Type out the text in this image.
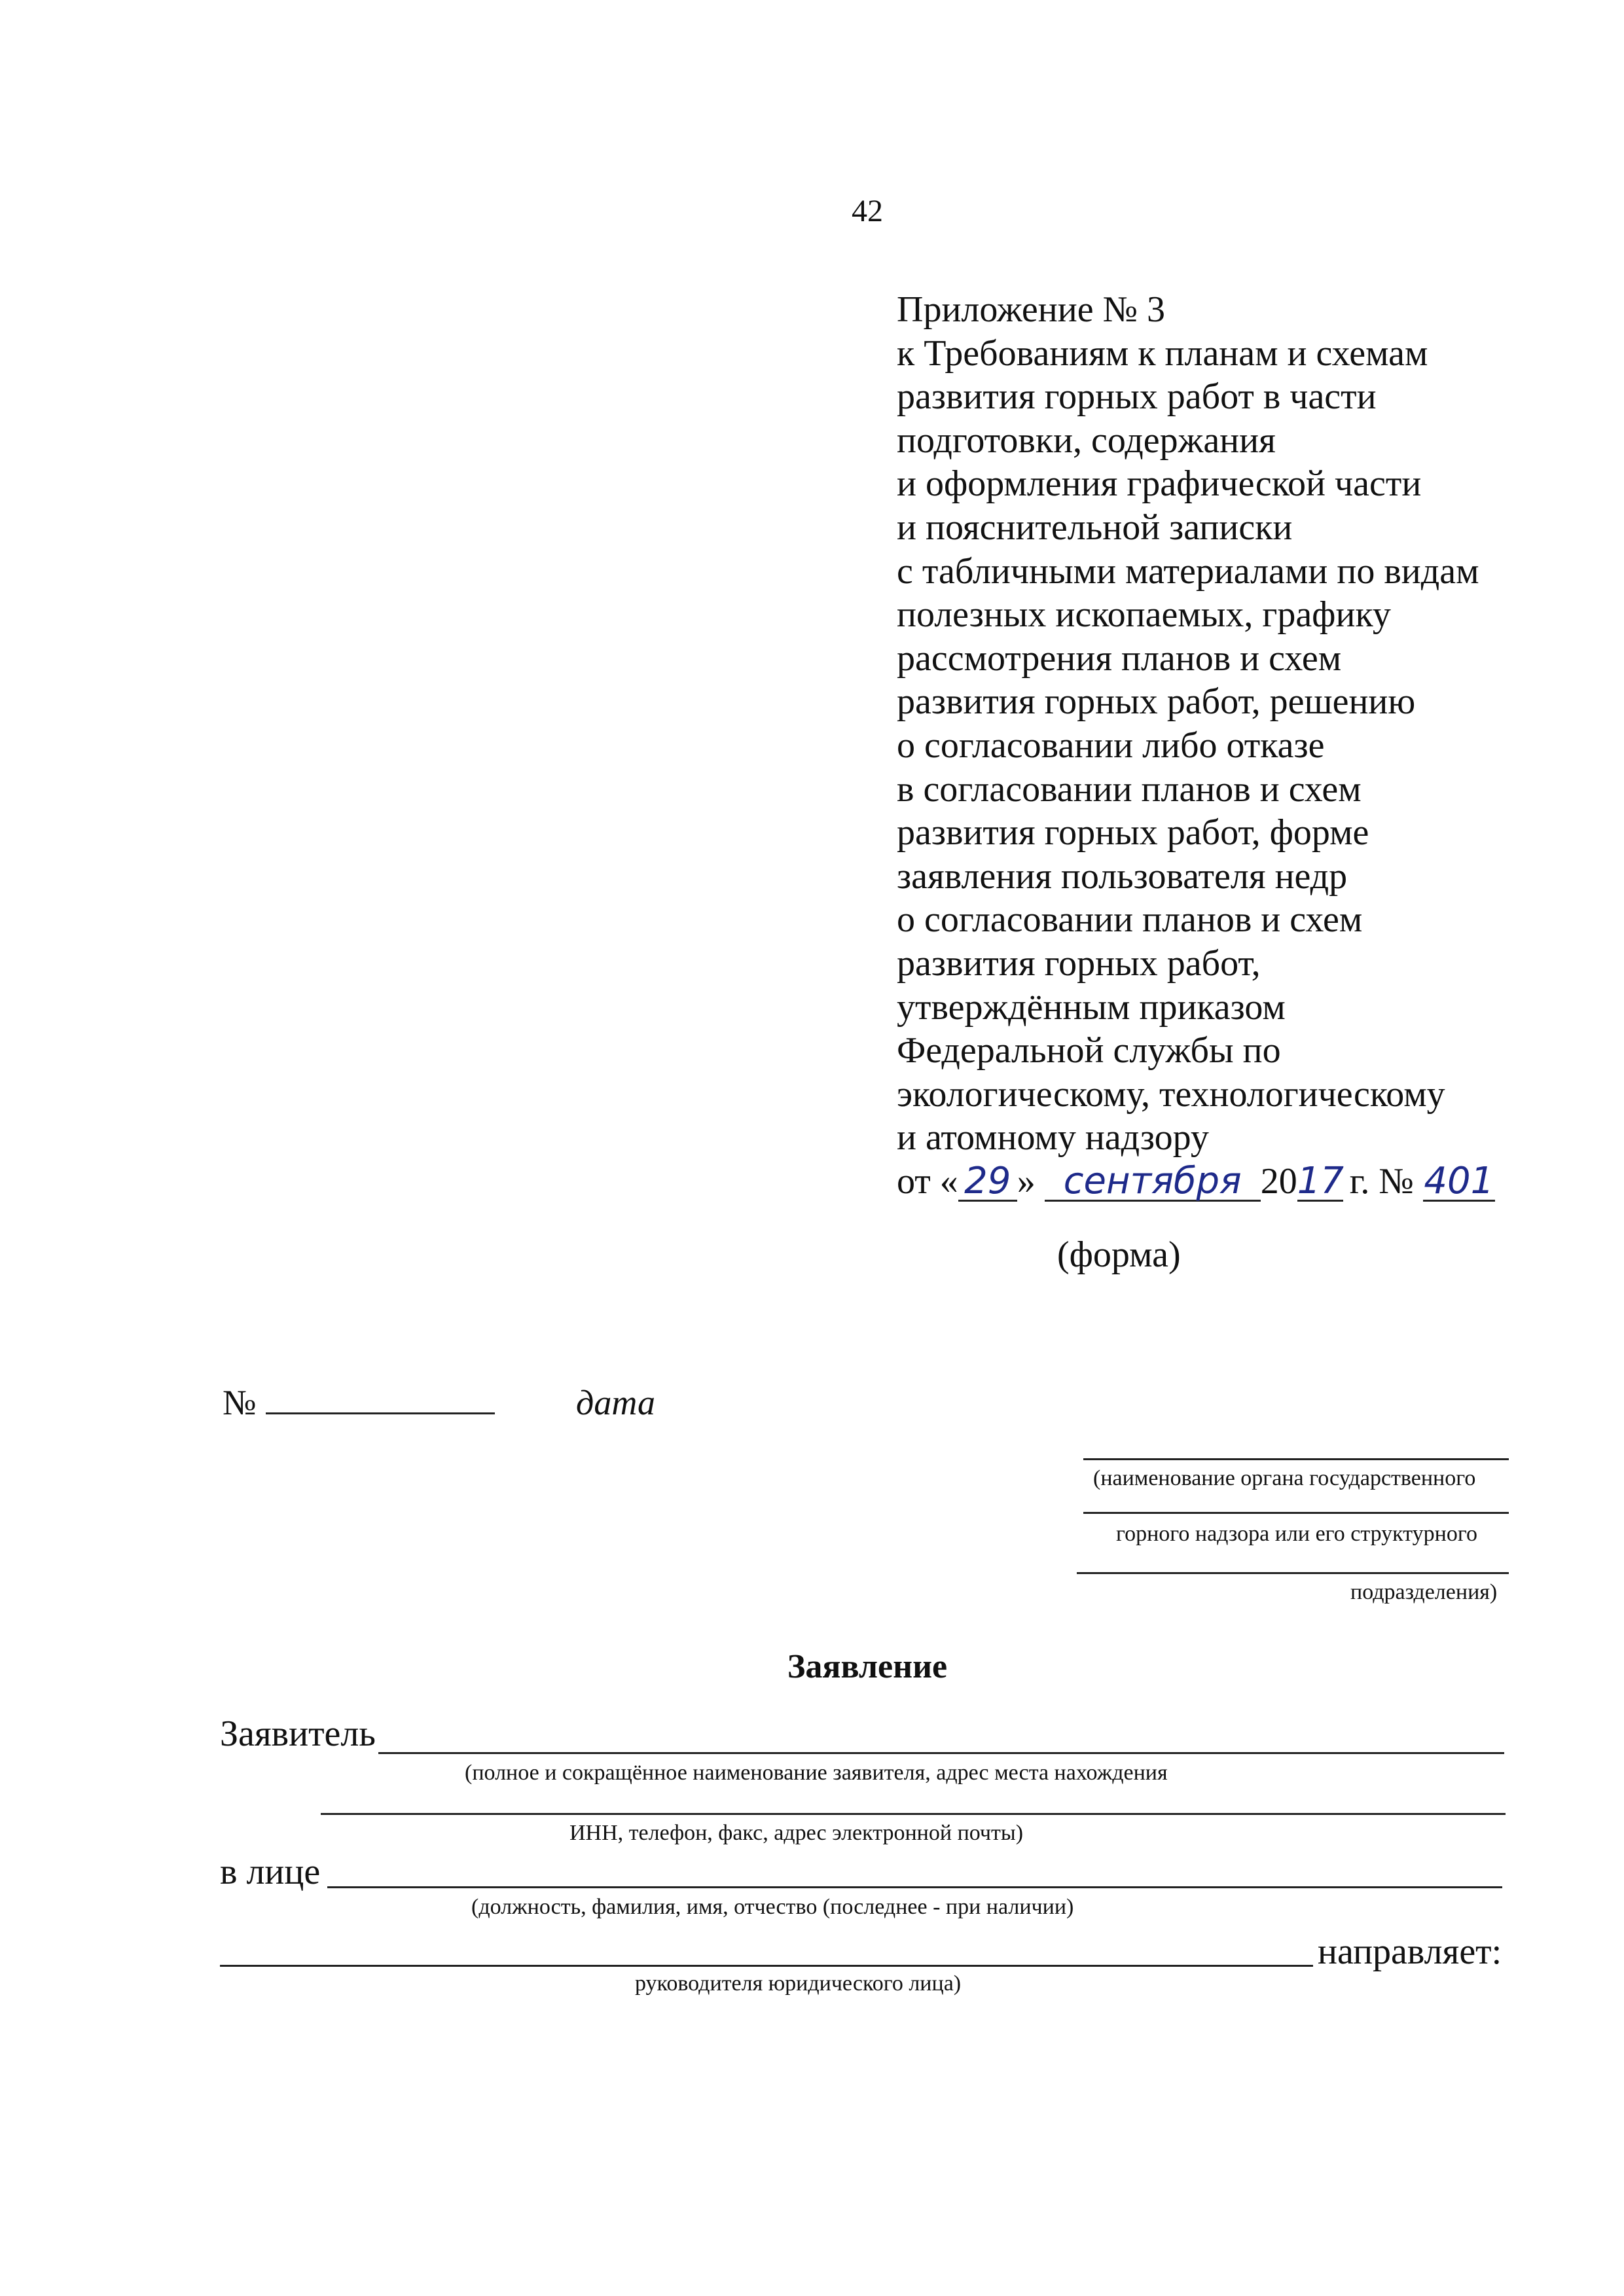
42
Приложение № 3
к Требованиям к планам и схемам
развития горных работ в части
подготовки, содержания
и оформления графической части
и пояснительной записки
с табличными материалами по видам
полезных ископаемых, графику
рассмотрения планов и схем
развития горных работ, решению
о согласовании либо отказе
в согласовании планов и схем
развития горных работ, форме
заявления пользователя недр
о согласовании планов и схем
развития горных работ,
утверждённым приказом
Федеральной службы по
экологическому, технологическому
и атомному надзору
от « 29 » сентября 2017 г. № 401
(форма)
№	дата
(наименование органа государственного
горного надзора или его структурного
подразделения)
Заявление
Заявитель
(полное и сокращённое наименование заявителя, адрес места нахождения
ИНН, телефон, факс, адрес электронной почты)
в лице
(должность, фамилия, имя, отчество (последнее - при наличии)
направляет:
руководителя юридического лица)
